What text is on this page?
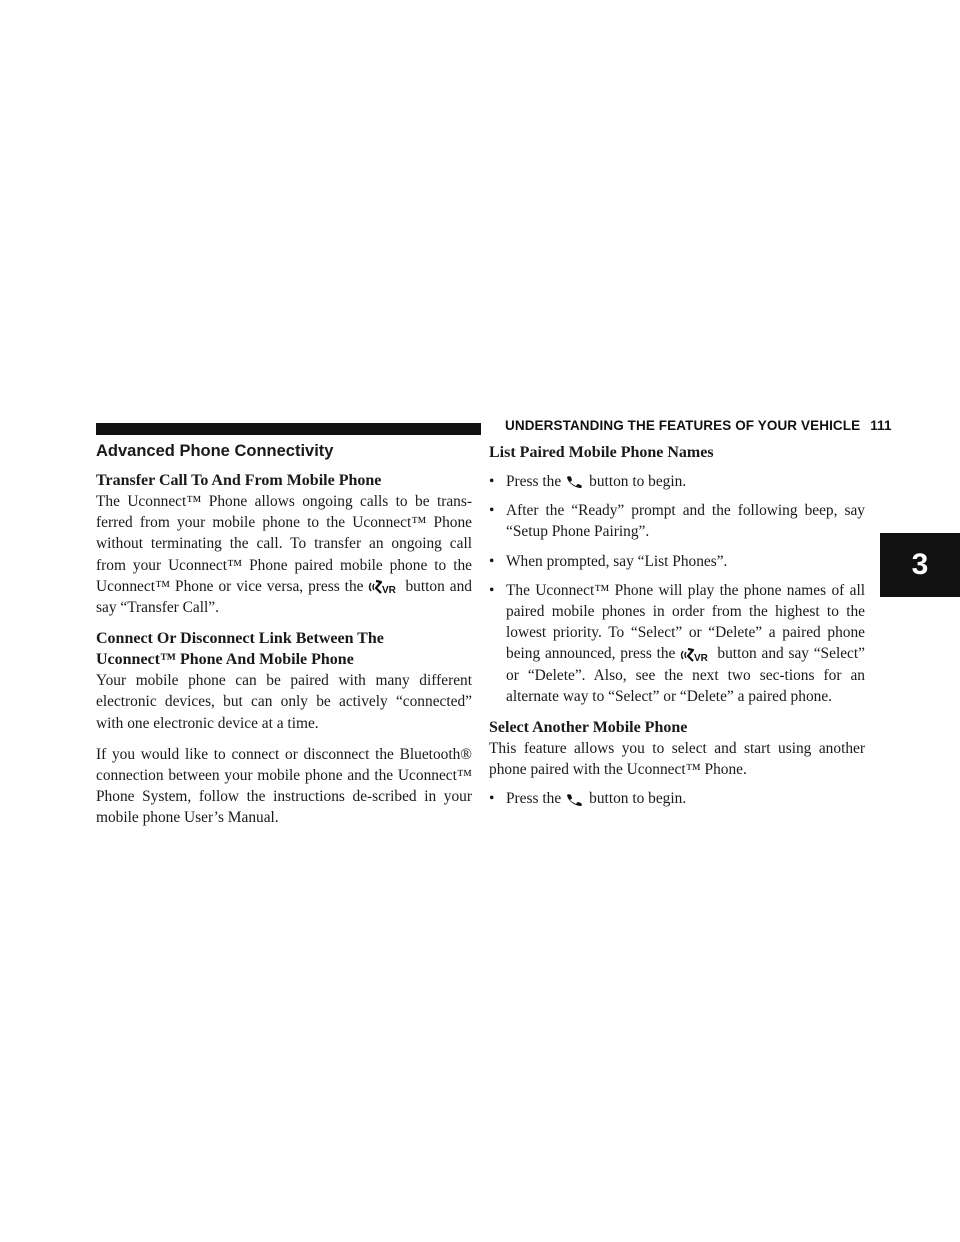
UNDERSTANDING THE FEATURES OF YOUR VEHICLE 111
3
Advanced Phone Connectivity
Transfer Call To And From Mobile Phone

The Uconnect™ Phone allows ongoing calls to be trans-ferred from your mobile phone to the Uconnect™ Phone without terminating the call. To transfer an ongoing call from your Uconnect™ Phone paired mobile phone to the Uconnect™ Phone or vice versa, press the VR button and say “Transfer Call”.

Connect Or Disconnect Link Between The
Uconnect™ Phone And Mobile Phone

Your mobile phone can be paired with many different electronic devices, but can only be actively “connected” with one electronic device at a time.

If you would like to connect or disconnect the Bluetooth® connection between your mobile phone and the Uconnect™ Phone System, follow the instructions de-scribed in your mobile phone User’s Manual.

List Paired Mobile Phone Names
• Press the button to begin.
• After the “Ready” prompt and the following beep, say “Setup Phone Pairing”.
• When prompted, say “List Phones”.
• The Uconnect™ Phone will play the phone names of all paired mobile phones in order from the highest to the lowest priority. To “Select” or “Delete” a paired phone being announced, press the VR button and say “Select” or “Delete”. Also, see the next two sec-tions for an alternate way to “Select” or “Delete” a paired phone.
Select Another Mobile Phone

This feature allows you to select and start using another phone paired with the Uconnect™ Phone.

• Press the button to begin.
